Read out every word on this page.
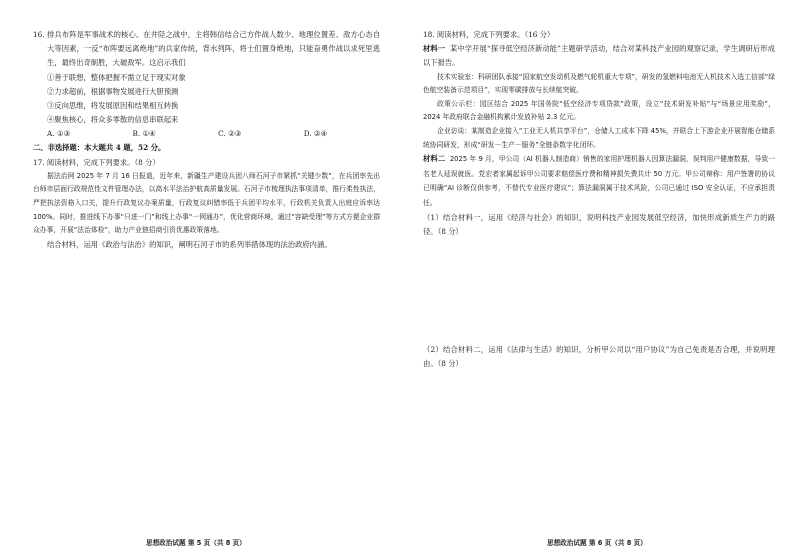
16. 排兵布阵是军事战术的核心。在井陉之战中，主将韩信结合己方作战人数少、地理位置差、敌方心态自大等因素，一反“布阵要远离绝地”的兵家传统，背水列阵，将士们置身绝地，只能奋勇作战以求死里逃生，最终出奇制胜，大破敌军。这启示我们

①善于联想，整体把握不需立足于现实对象

②力求超前，根据事物发展进行大胆预测

③反向思维，将发展原因和结果相互转换

④聚焦核心，将众多零散的信息串联起来

A. ①③	B. ①④	C. ②③	D. ②④

二、非选择题：本大题共 4 题，52 分。

17. 阅读材料，完成下列要求。（8 分）

据法治网 2025 年 7 月 16 日报道，近年来，新疆生产建设兵团八师石河子市紧抓“关键少数”，在兵团率先出台师市层面行政规范性文件管理办法，以高水平法治护航高质量发展。石河子市梳理执法事项清单，推行柔性执法，严把执法资格入口关，提升行政复议办案质量，行政复议纠错率低于兵团平均水平，行政机关负责人出庭应诉率达 100%。同时，推进线下办事“只进一门”和线上办事“一网通办”，优化营商环境，通过“容缺受理”等方式方便企业群众办事，开展“法治体检”，助力产业链招商引资优惠政策落地。

结合材料，运用《政治与法治》的知识，阐明石河子市的系列举措体现的法治政府内涵。

思想政治试题 第 5 页（共 8 页）

18. 阅读材料，完成下列要求。（16 分）

材料一 某中学开展“探寻低空经济新动能”主题研学活动，结合对某科技产业园的观察记录，学生调研后形成以下报告。

技术实验室：科研团队承接“国家航空发动机及燃气轮机重大专项”，研发的氢燃料电池无人机技术入选工信部“绿色航空装备示范项目”，实现零碳排放与长续航突破。

政策公示栏：园区结合 2025 年国务院“低空经济专项贷款”政策，设立“技术研发补贴”与“场景应用奖励”，2024 年政府联合金融机构累计发放补贴 2.3 亿元。

企业访谈：某制造企业接入“工业无人机共享平台”，仓储人工成本下降 45%，并联合上下游企业开展智能仓储系统协同研发，形成“研发－生产－服务”全链条数字化闭环。

材料二 2025 年 9 月，甲公司（AI 机器人制造商）销售的家用护理机器人因算法漏洞，误判用户健康数据，导致一名老人延误就医。党宏者家属起诉甲公司要求赔偿医疗费和精神损失费共计 50 万元。甲公司辩称：用户签署的协议已明确“AI 诊断仅供参考，不替代专业医疗建议”；算法漏洞属于技术风险，公司已通过 ISO 安全认证，不应承担责任。

（1）结合材料一，运用《经济与社会》的知识，说明科技产业园发展低空经济，加快形成新质生产力的路径。（8 分）

（2）结合材料二，运用《法律与生活》的知识，分析甲公司以“用户协议”为自己免责是否合理，并说明理由。（8 分）

思想政治试题 第 6 页（共 8 页）
